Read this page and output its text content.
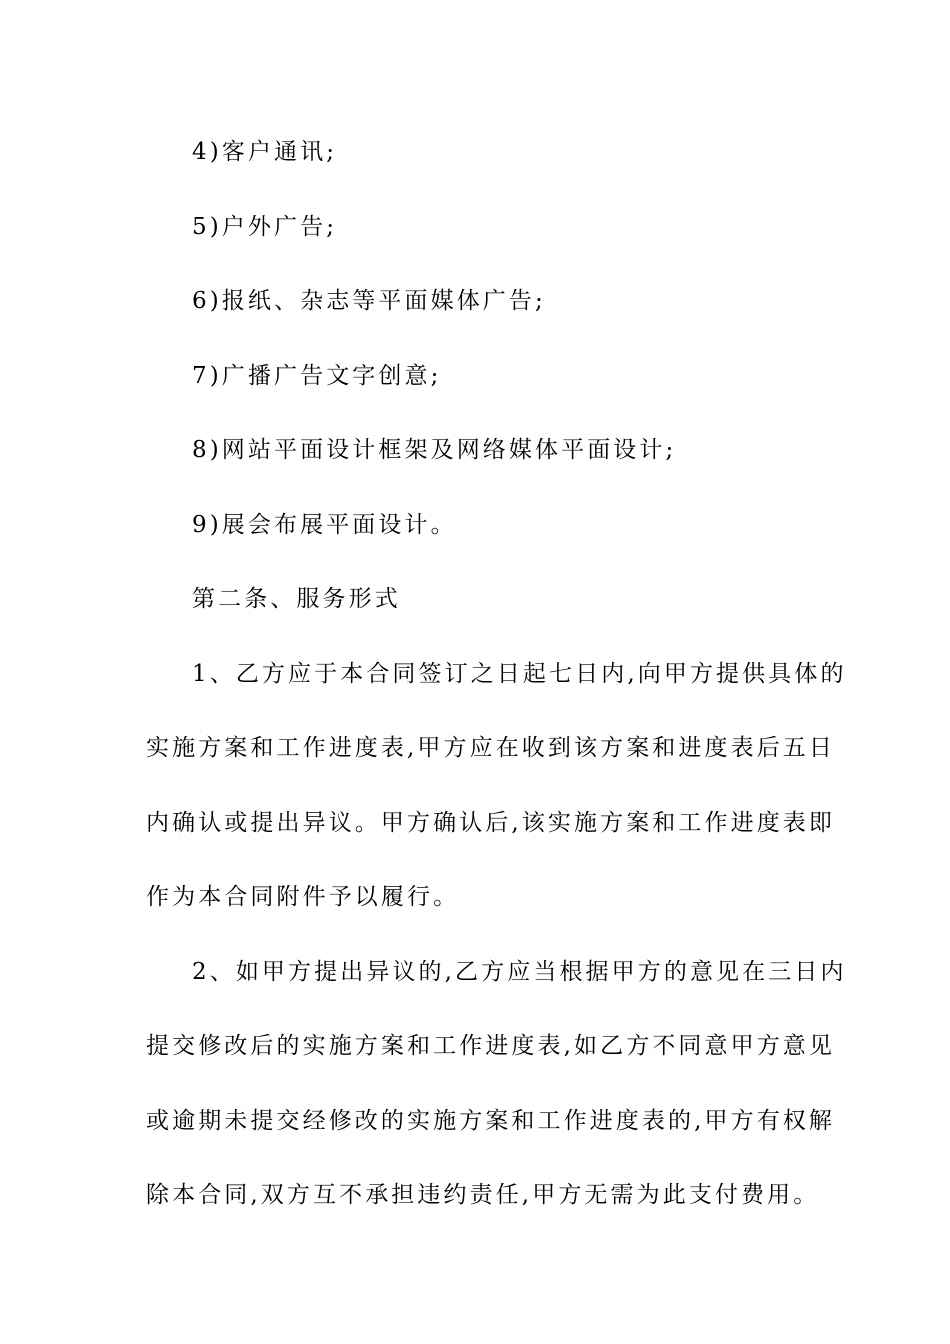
4)客户通讯;
5)户外广告;
6)报纸、杂志等平面媒体广告;
7)广播广告文字创意;
8)网站平面设计框架及网络媒体平面设计;
9)展会布展平面设计。
第二条、服务形式
1、乙方应于本合同签订之日起七日内,向甲方提供具体的
实施方案和工作进度表,甲方应在收到该方案和进度表后五日
内确认或提出异议。甲方确认后,该实施方案和工作进度表即
作为本合同附件予以履行。
2、如甲方提出异议的,乙方应当根据甲方的意见在三日内
提交修改后的实施方案和工作进度表,如乙方不同意甲方意见
或逾期未提交经修改的实施方案和工作进度表的,甲方有权解
除本合同,双方互不承担违约责任,甲方无需为此支付费用。
